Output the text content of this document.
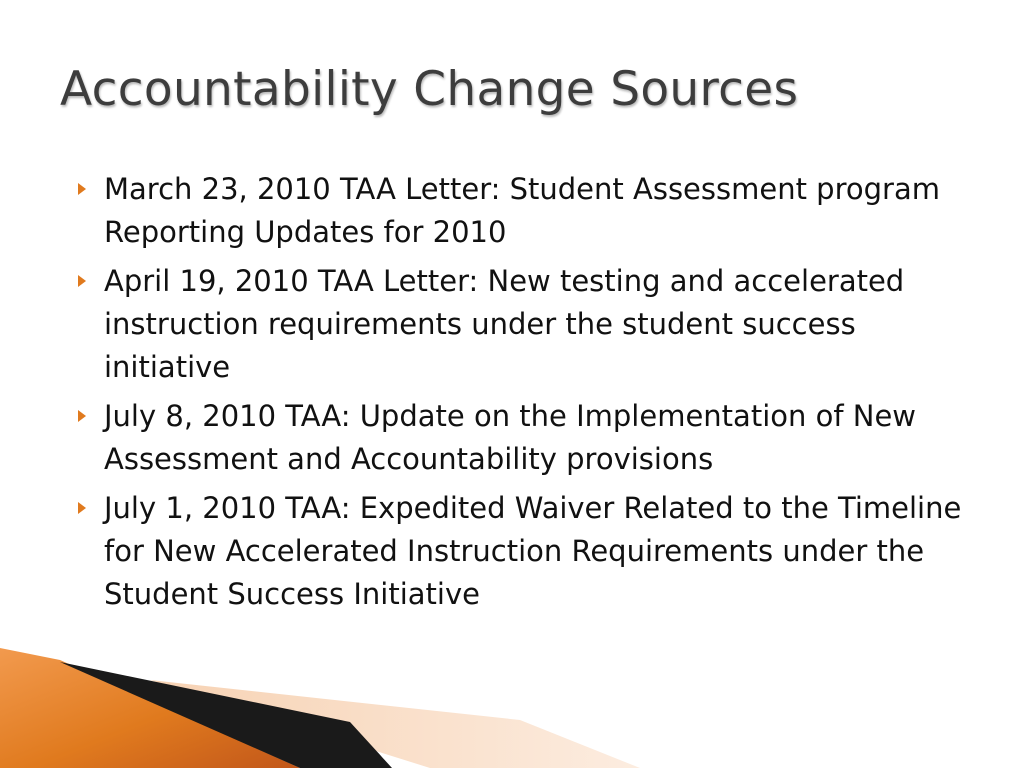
Accountability Change Sources
March 23, 2010 TAA Letter: Student Assessment program Reporting Updates for 2010
April 19, 2010 TAA Letter: New testing and accelerated instruction requirements under the student success initiative
July 8, 2010 TAA: Update on the Implementation of New Assessment and Accountability provisions
July 1, 2010 TAA: Expedited Waiver Related to the Timeline for New Accelerated Instruction Requirements under the Student Success Initiative
